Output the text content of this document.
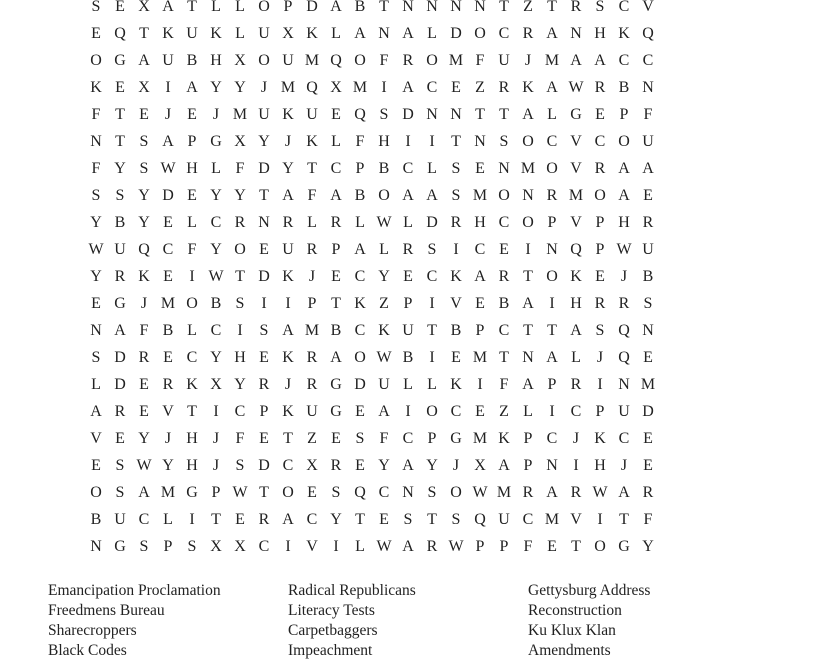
S E X A T L L O P D A B T N N N N T Z T R S C V
E Q T K U K L U X K L A N A L D O C R A N H K Q
O G A U B H X O U M Q O F R O M F U J M A A C C
K E X I A Y Y J M Q X M I A C E Z R K A W R B N
F T E J	E J M U K U E Q S D N N T T A L G E P F
N T S A P G X Y J K L F H I	I	T N S O C V C O U
F Y S W H L F D Y T C P B C L S E N M O V R A A
S S Y D E Y Y T A F A B O A A S M O N R M O A E
Y B Y E L C R N R L R L W L D R H C O P V P H R
W U Q C F Y O E U R P A L R S	I	C E	I N Q P W U
Y R K E	I W T D K J	E C Y E C K A R T O K E J B
E G J M O B S	I	I	P T K Z P	I V E B A I H R R S
N A F B L C	I	S A M B C K U T B P C T T A S Q N
S D R E C Y H E K R A O W B	I	E M T N A L J Q E
L D E R K X Y R J R G D U L L K I	F A P R	I N M
A R E V T	I	C P K U G E A I O C E Z L	I	C P U D
V E Y J H J	F E T Z E S F C P G M K P C J K C E
E S W Y H J	S D C X R E Y A Y J X A P N I H J	E
O S A M G P W T O E S Q C N S O W M R A R W A R
B U C L	I	T E R A C Y T E S T S Q U C M V I	T F
N G S P S X X C	I V I	L W A R W P P F E T O G Y
Emancipation Proclamation
Freedmens Bureau
Sharecroppers
Black Codes
Radical Republicans
Literacy Tests
Carpetbaggers
Impeachment
Gettysburg Address
Reconstruction
Ku Klux Klan
Amendments
